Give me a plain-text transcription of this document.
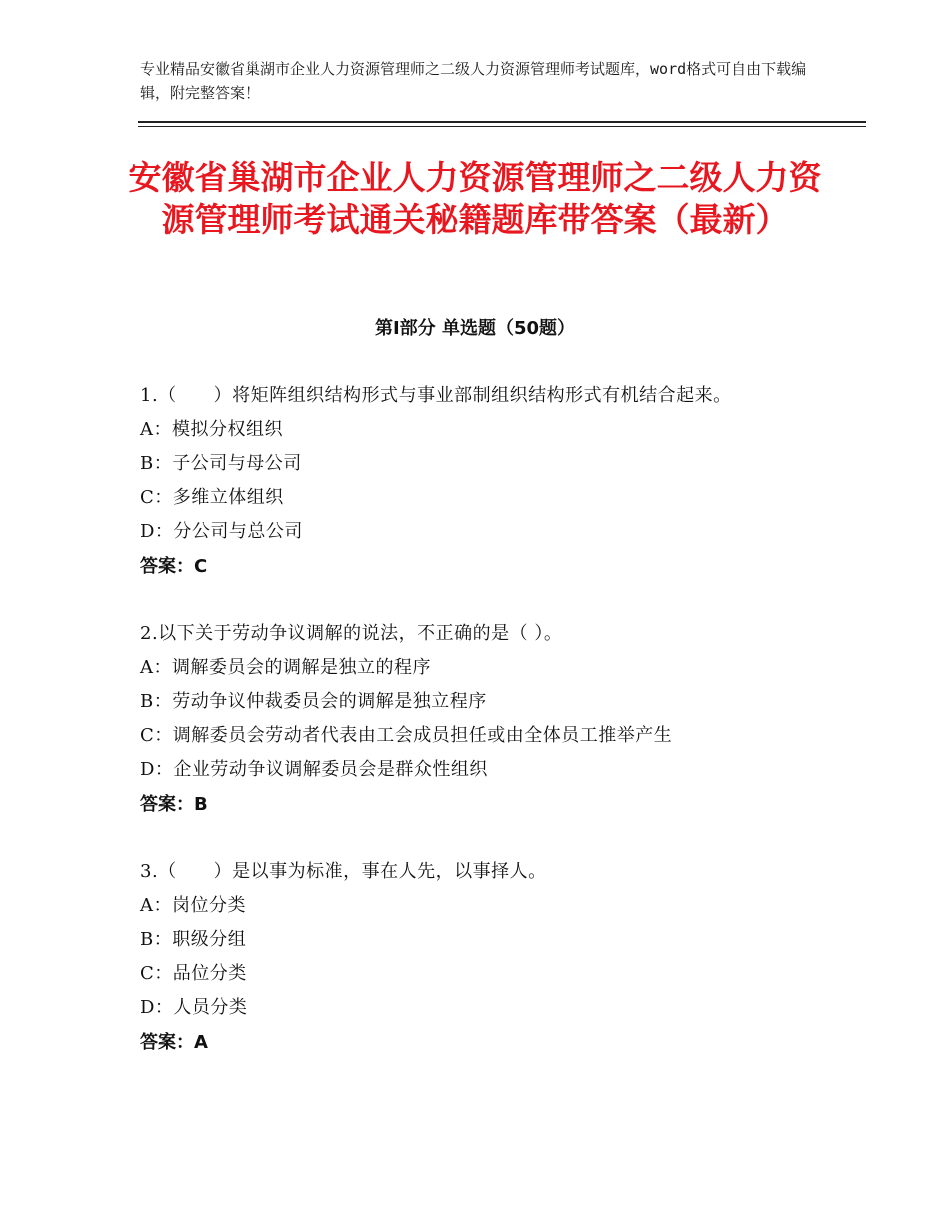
专业精品安徽省巢湖市企业人力资源管理师之二级人力资源管理师考试题库，word格式可自由下载编辑，附完整答案！
安徽省巢湖市企业人力资源管理师之二级人力资源管理师考试通关秘籍题库带答案（最新）
第Ⅰ部分 单选题（50题）

1.（　　）将矩阵组织结构形式与事业部制组织结构形式有机结合起来。

A：模拟分权组织

B：子公司与母公司

C：多维立体组织

D：分公司与总公司

答案：C

2.以下关于劳动争议调解的说法，不正确的是（ ）。

A：调解委员会的调解是独立的程序

B：劳动争议仲裁委员会的调解是独立程序

C：调解委员会劳动者代表由工会成员担任或由全体员工推举产生

D：企业劳动争议调解委员会是群众性组织

答案：B

3.（　　）是以事为标准，事在人先，以事择人。

A：岗位分类

B：职级分组

C：品位分类

D：人员分类

答案：A
